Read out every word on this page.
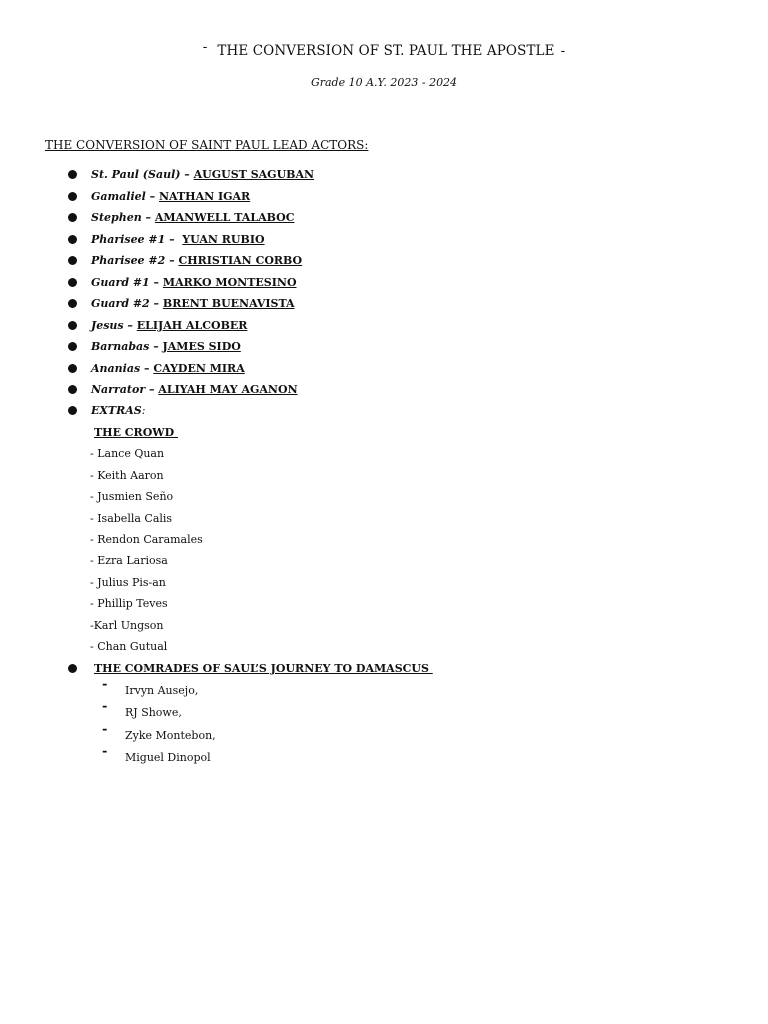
- THE CONVERSION OF ST. PAUL THE APOSTLE -
Grade 10 A.Y. 2023 - 2024
THE CONVERSION OF SAINT PAUL LEAD ACTORS:
St. Paul (Saul) – AUGUST SAGUBAN
Gamaliel – NATHAN IGAR
Stephen – AMANWELL TALABOC
Pharisee #1 –  YUAN RUBIO
Pharisee #2 – CHRISTIAN CORBO
Guard #1 – MARKO MONTESINO
Guard #2 – BRENT BUENAVISTA
Jesus – ELIJAH ALCOBER
Barnabas – JAMES SIDO
Ananias – CAYDEN MIRA
Narrator – ALIYAH MAY AGANON

EXTRAS:

THE CROWD
- Lance Quan
- Keith Aaron
- Jusmien Seño
- Isabella Calis
- Rendon Caramales
- Ezra Lariosa
- Julius Pis-an
- Phillip Teves
-Karl Ungson
- Chan Gutual

THE COMRADES OF SAUL’S JOURNEY TO DAMASCUS
- Irvyn Ausejo,
- RJ Showe,
- Zyke Montebon,
- Miguel Dinopol
